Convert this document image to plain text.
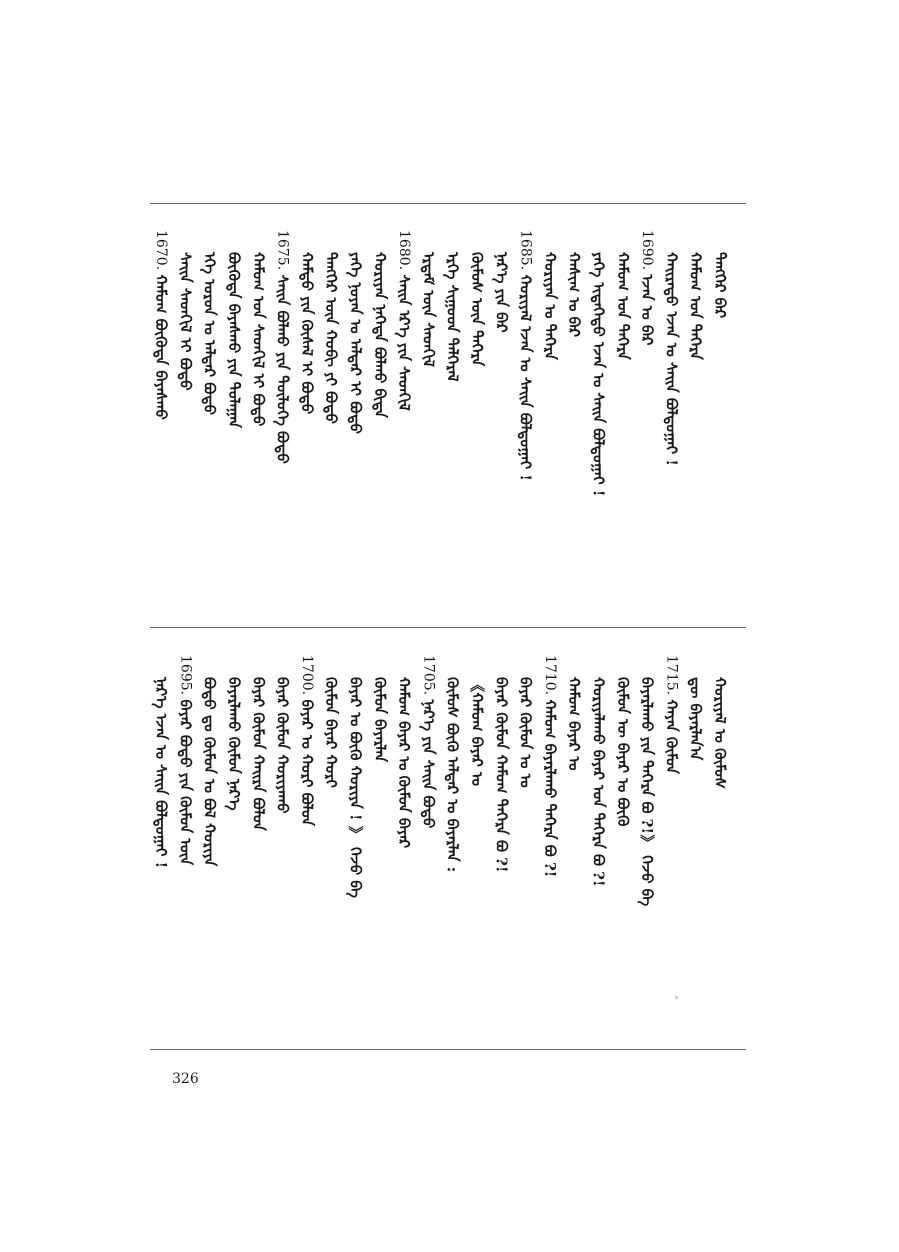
ᠲᠡᠩᠭᠡᠷ ᠪᠡᠷ
ᠬᠠᠮᠤᠭ ᠤᠨ ᠳᠡᠭᠡᠷᠡ
ᠬᠠᠢᠷᠠᠲᠤ ᠡᠵᠡᠨ ᠤ ᠰᠠᠢᠨ ᠪᠣᠯᠲᠤᠭᠠᠢ !
1690. ᠡᠵᠡᠨ ᠤ ᠪᠡᠷ
ᠬᠠᠮᠤᠭ ᠤᠨ ᠳᠡᠭᠡᠷᠡ
ᠶᠡᠬᠡ ᠢᠳᠡᠭᠡᠳᠦ ᠡᠵᠡᠨ ᠤ ᠰᠠᠢᠨ ᠪᠣᠯᠲᠤᠭᠠᠢ !
ᠬᠠᠰᠢᠭ ᠤ ᠪᠡᠷ
ᠬᠣᠷᠢᠶᠠᠨ ᠤ ᠳᠡᠭᠡᠷᠡ
1685. ᠬᠣᠷᠢᠶᠠᠯ ᠡᠵᠡᠨ ᠤ ᠰᠠᠢᠨ ᠪᠣᠯᠲᠤᠭᠠᠢ !
ᠨᠡᠷ᠎ᠡ ᠶᠢᠨ ᠪᠡᠷ
ᠬᠦᠮᠦᠰ ᠦᠨ ᠳᠡᠭᠡᠷᠡ
ᠡᠷᠬᠡ ᠰᠢᠭᠤᠳ ᠳᠡᠯᠭᠡᠷᠡᠯ
ᠡᠷᠳᠡᠮ ᠦᠨ ᠰᠡᠳᠬᠢᠯ
1680. ᠰᠠᠢᠨ ᠡᠷ᠎ᠡ ᠶᠢᠨ ᠰᠡᠳᠬᠢᠯ
ᠬᠣᠷᠢᠶᠠᠨ ᠨᠡᠭᠡᠲᠡ ᠪᠣᠯᠬᠤ ᠪᠢᠳᠡ
ᠶᠡᠬᠡ ᠨᠣᠶᠠᠨ ᠤ ᠠᠯᠳᠠᠷ ᠢ ᠪᠣᠳᠣ
ᠲᠡᠩᠭᠡᠷ ᠦᠨ ᠬᠤᠪᠢ ᠶᠢ ᠪᠣᠳᠣ
ᠬᠠᠮᠲᠤ ᠶᠢᠨ ᠬᠦᠰᠡᠯ ᠢ ᠪᠣᠳᠣ
1675. ᠰᠠᠢᠨ ᠪᠣᠯᠬᠤ ᠶᠢᠨ ᠲᠥᠯᠥᠭᠡ ᠪᠣᠳᠣ
ᠬᠠᠮᠤᠭ ᠤᠨ ᠰᠡᠳᠬᠢᠯ ᠢ ᠪᠣᠳᠣ
ᠪᠦᠭᠦᠳᠡ ᠪᠠᠶᠠᠰᠬᠤ ᠶᠢᠨ ᠳᠤᠯᠠᠭᠠᠨ
ᠡᠬᠡ ᠣᠷᠣᠨ ᠤ ᠠᠯᠳᠠᠷ ᠪᠣᠳᠣ
ᠰᠠᠢᠨ ᠰᠡᠳᠬᠢᠯ ᠢ ᠪᠣᠳᠣ
1670. ᠬᠠᠮᠤᠭ ᠪᠦᠭᠦᠳᠡ ᠪᠠᠶᠠᠰᠬᠤ
ᠬᠣᠷᠢᠶᠠᠯ ᠤ ᠬᠦᠮᠦᠰ
ᠳᠦ ᠪᠠᠶᠠᠷᠯᠠᠨ᠎ᠠ
1715. ᠬᠠᠶᠠᠨ ᠬᠦᠮᠦᠨ
ᠪᠠᠶᠠᠷᠯᠠᠬᠤ ᠶᠢᠨ ᠳᠡᠭᠡᠷᠡ ᠪᠤ ?!》 ᠭᠡᠵᠦ ᠪᠠ
ᠬᠦᠮᠦᠨ ᠦ ᠪᠠᠶᠠᠷ ᠤ ᠪᠦᠬᠦ
ᠬᠣᠷᠢᠶᠠᠯᠠᠬᠤ ᠪᠠᠶᠠᠷ ᠤᠨ ᠳᠡᠭᠡᠷᠡ ᠪᠤ ?!
ᠬᠠᠮᠤᠭ ᠪᠠᠶᠠᠷ ᠤ
1710. ᠬᠠᠮᠤᠭ ᠪᠠᠶᠠᠷᠯᠠᠬᠤ ᠳᠡᠭᠡᠷᠡ ᠪᠤ ?!
ᠪᠠᠶᠠᠷ ᠬᠦᠮᠦᠨ ᠤ ᠤ
ᠪᠠᠶᠠᠷ ᠬᠦᠮᠦᠨ ᠬᠠᠮᠤᠭ ᠳᠡᠭᠡᠷᠡ ᠪᠤ ?!
《ᠬᠠᠮᠤᠭ ᠪᠠᠶᠠᠷ ᠤ
ᠬᠦᠮᠦᠰ ᠪᠦᠬᠦ ᠠᠯᠳᠠᠷ ᠤ ᠪᠠᠶᠠᠷᠯᠠᠨ :
1705. ᠨᠡᠷ᠎ᠡ ᠶᠢᠨ ᠰᠠᠢᠨ ᠪᠣᠳᠣ
ᠬᠠᠮᠤᠭ ᠪᠠᠶᠠᠷ ᠤ ᠬᠦᠮᠦᠨ ᠪᠠᠶᠠᠷ
ᠬᠦᠮᠦᠨ ᠪᠠᠶᠠᠷᠯᠠᠨ
ᠪᠠᠶᠠᠷ ᠤ ᠪᠦᠬᠦ ᠬᠣᠷᠢᠶᠠ ! 》 ᠭᠡᠵᠦ ᠪᠠ
ᠬᠦᠮᠦᠨ ᠪᠠᠶᠠᠷ ᠬᠣᠷᠢ
1700. ᠪᠠᠶᠠᠷ ᠤ ᠬᠣᠷᠢ ᠪᠤᠯᠤᠨ
ᠪᠠᠶᠠᠷ ᠬᠦᠮᠦᠨ ᠬᠣᠷᠢᠶᠠᠬᠤ
ᠪᠠᠶᠠᠷ ᠬᠦᠮᠦᠨ ᠬᠠᠢᠷᠠ ᠪᠤᠯᠤᠨ
ᠪᠠᠶᠠᠷᠯᠠᠬᠤ ᠬᠦᠮᠦᠨ ᠨᠡᠷ᠎ᠡ
ᠪᠣᠳᠣ ᠳᠤ ᠬᠦᠮᠦᠨ ᠤ ᠪᠣᠯ ᠬᠣᠷᠢᠶᠠ
1695. ᠪᠠᠶᠠᠷ ᠪᠣᠳᠣ ᠶᠢᠨ ᠬᠦᠮᠦᠨ ᠦᠨ
ᠨᠡᠷ᠎ᠡ ᠡᠵᠡᠨ ᠤ ᠰᠠᠢᠨ ᠪᠣᠯᠲᠤᠭᠠᠢ !
326
